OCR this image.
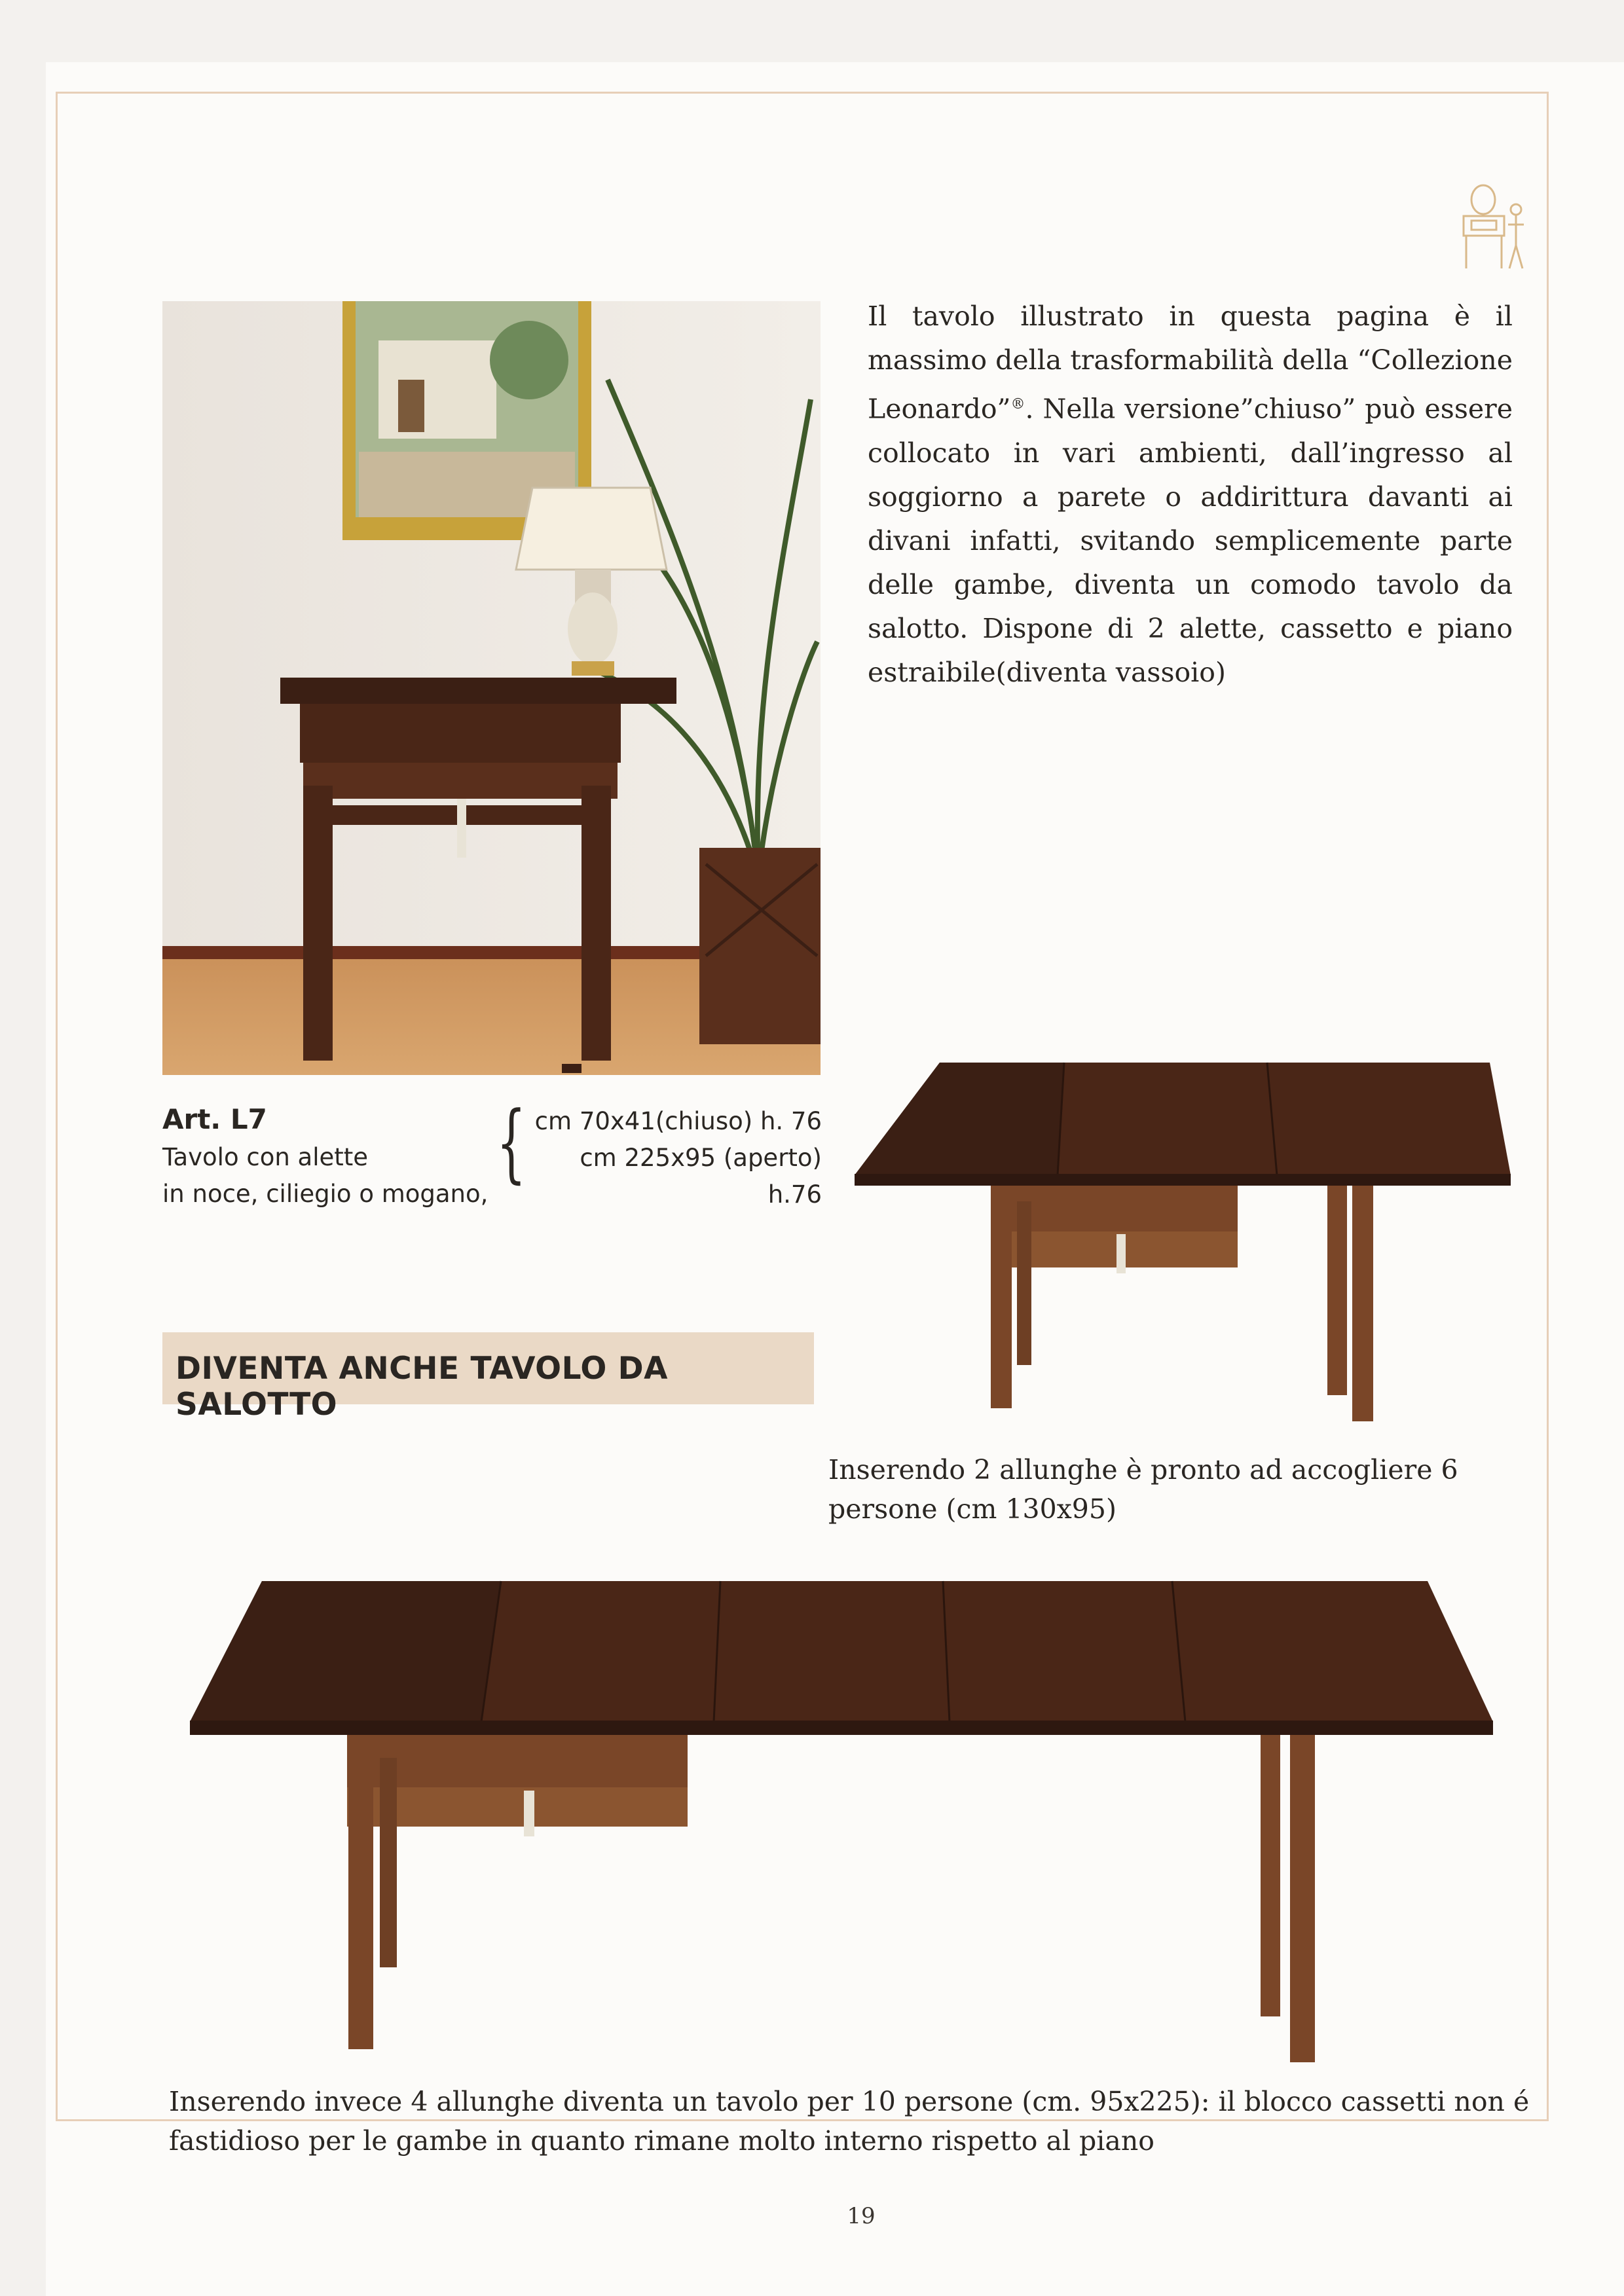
Il tavolo illustrato in questa pagina è il massimo della trasformabilità della “Collezione Leonardo”®. Nella versione”chiuso” può essere collocato in vari ambienti, dall’ingresso al soggiorno a parete o addirittura davanti ai divani infatti, svitando semplicemente parte delle gambe, diventa un comodo tavolo da salotto. Dispone di 2 alette, cassetto e piano estraibile(diventa vassoio)
Art. L7
Tavolo con alette
in noce, ciliegio o mogano,
{ cm 70x41(chiuso) h. 76
cm 225x95 (aperto) h.76
DIVENTA ANCHE TAVOLO DA SALOTTO
Inserendo 2 allunghe è pronto ad accogliere 6 persone (cm 130x95)
Inserendo invece 4 allunghe diventa un tavolo per 10 persone (cm. 95x225): il blocco cassetti non é fastidioso per le gambe in quanto rimane molto interno rispetto al piano
19
